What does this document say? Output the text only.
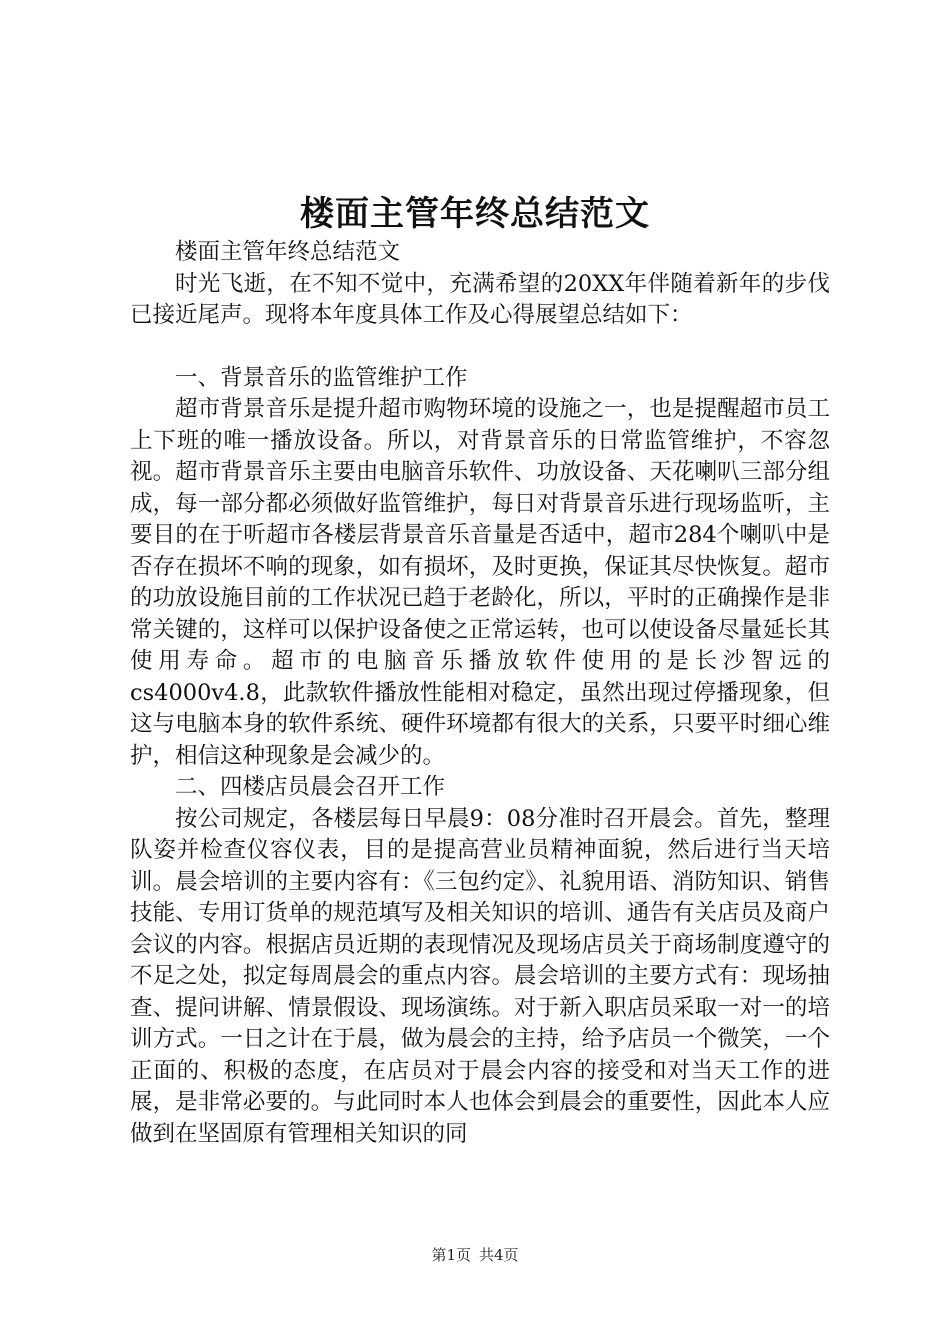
楼面主管年终总结范文

楼面主管年终总结范文

时光飞逝，在不知不觉中，充满希望的20XX年伴随着新年的步伐已接近尾声。现将本年度具体工作及心得展望总结如下：

一、背景音乐的监管维护工作

超市背景音乐是提升超市购物环境的设施之一，也是提醒超市员工上下班的唯一播放设备。所以，对背景音乐的日常监管维护，不容忽视。超市背景音乐主要由电脑音乐软件、功放设备、天花喇叭三部分组成，每一部分都必须做好监管维护，每日对背景音乐进行现场监听，主要目的在于听超市各楼层背景音乐音量是否适中，超市284个喇叭中是否存在损坏不响的现象，如有损坏，及时更换，保证其尽快恢复。超市的功放设施目前的工作状况已趋于老龄化，所以，平时的正确操作是非常关键的，这样可以保护设备使之正常运转，也可以使设备尽量延长其使用寿命。超市的电脑音乐播放软件使用的是长沙智远的cs4000v4.8，此款软件播放性能相对稳定，虽然出现过停播现象，但这与电脑本身的软件系统、硬件环境都有很大的关系，只要平时细心维护，相信这种现象是会减少的。

二、四楼店员晨会召开工作

按公司规定，各楼层每日早晨9：08分准时召开晨会。首先，整理队姿并检查仪容仪表，目的是提高营业员精神面貌，然后进行当天培训。晨会培训的主要内容有：《三包约定》、礼貌用语、消防知识、销售技能、专用订货单的规范填写及相关知识的培训、通告有关店员及商户会议的内容。根据店员近期的表现情况及现场店员关于商场制度遵守的不足之处，拟定每周晨会的重点内容。晨会培训的主要方式有：现场抽查、提问讲解、情景假设、现场演练。对于新入职店员采取一对一的培训方式。一日之计在于晨，做为晨会的主持，给予店员一个微笑，一个正面的、积极的态度，在店员对于晨会内容的接受和对当天工作的进展，是非常必要的。与此同时本人也体会到晨会的重要性，因此本人应做到在坚固原有管理相关知识的同

第1页 共4页
